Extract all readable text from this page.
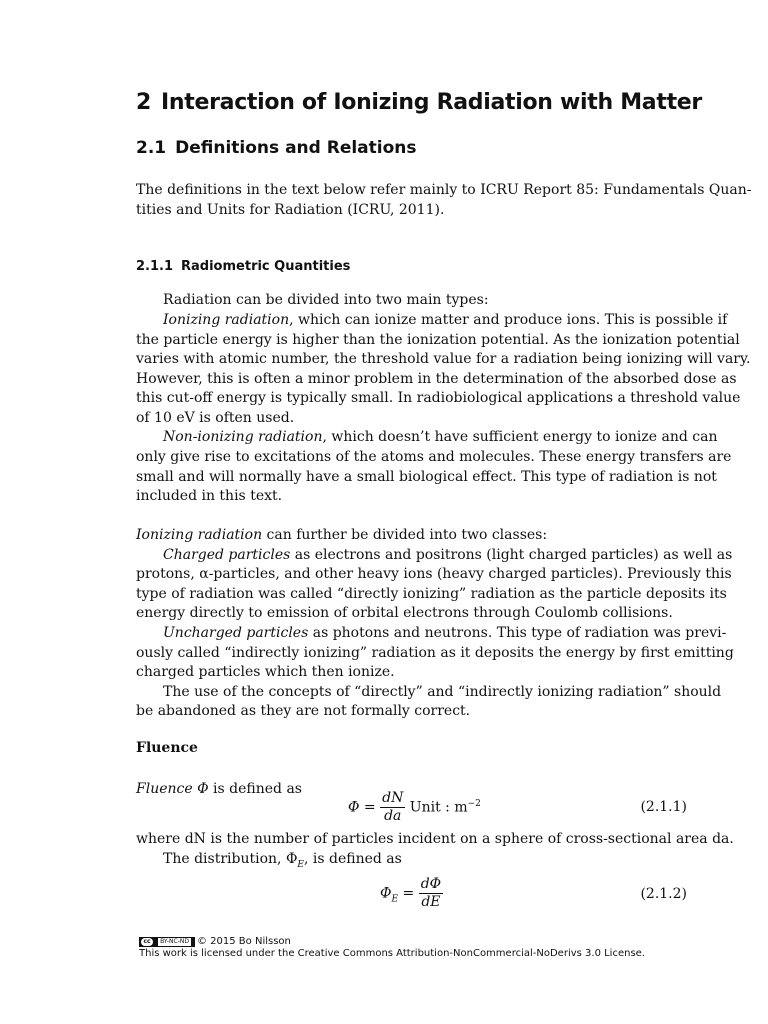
2 Interaction of Ionizing Radiation with Matter
2.1 Definitions and Relations
The definitions in the text below refer mainly to ICRU Report 85: Fundamentals Quan-
tities and Units for Radiation (ICRU, 2011).
2.1.1 Radiometric Quantities
Radiation can be divided into two main types:
Ionizing radiation, which can ionize matter and produce ions. This is possible if
the particle energy is higher than the ionization potential. As the ionization potential
varies with atomic number, the threshold value for a radiation being ionizing will vary.
However, this is often a minor problem in the determination of the absorbed dose as
this cut-off energy is typically small. In radiobiological applications a threshold value
of 10 eV is often used.
Non-ionizing radiation, which doesn’t have sufficient energy to ionize and can
only give rise to excitations of the atoms and molecules. These energy transfers are
small and will normally have a small biological effect. This type of radiation is not
included in this text.
Ionizing radiation can further be divided into two classes:
Charged particles as electrons and positrons (light charged particles) as well as
protons, α-particles, and other heavy ions (heavy charged particles). Previously this
type of radiation was called “directly ionizing” radiation as the particle deposits its
energy directly to emission of orbital electrons through Coulomb collisions.
Uncharged particles as photons and neutrons. This type of radiation was previ-
ously called “indirectly ionizing” radiation as it deposits the energy by first emitting
charged particles which then ionize.
The use of the concepts of “directly” and “indirectly ionizing radiation” should
be abandoned as they are not formally correct.
Fluence
Fluence Φ is defined as
$\Phi = \frac{dN}{da}$ Unit : $m^{-2}$	(2.1.1)
where dN is the number of particles incident on a sphere of cross-sectional area da.
The distribution, $\Phi_E$, is defined as
$\Phi_E = \frac{d\Phi}{dE}$	(2.1.2)
cc	BY-NC-ND © 2015 Bo Nilsson
This work is licensed under the Creative Commons Attribution-NonCommercial-NoDerivs 3.0 License.
